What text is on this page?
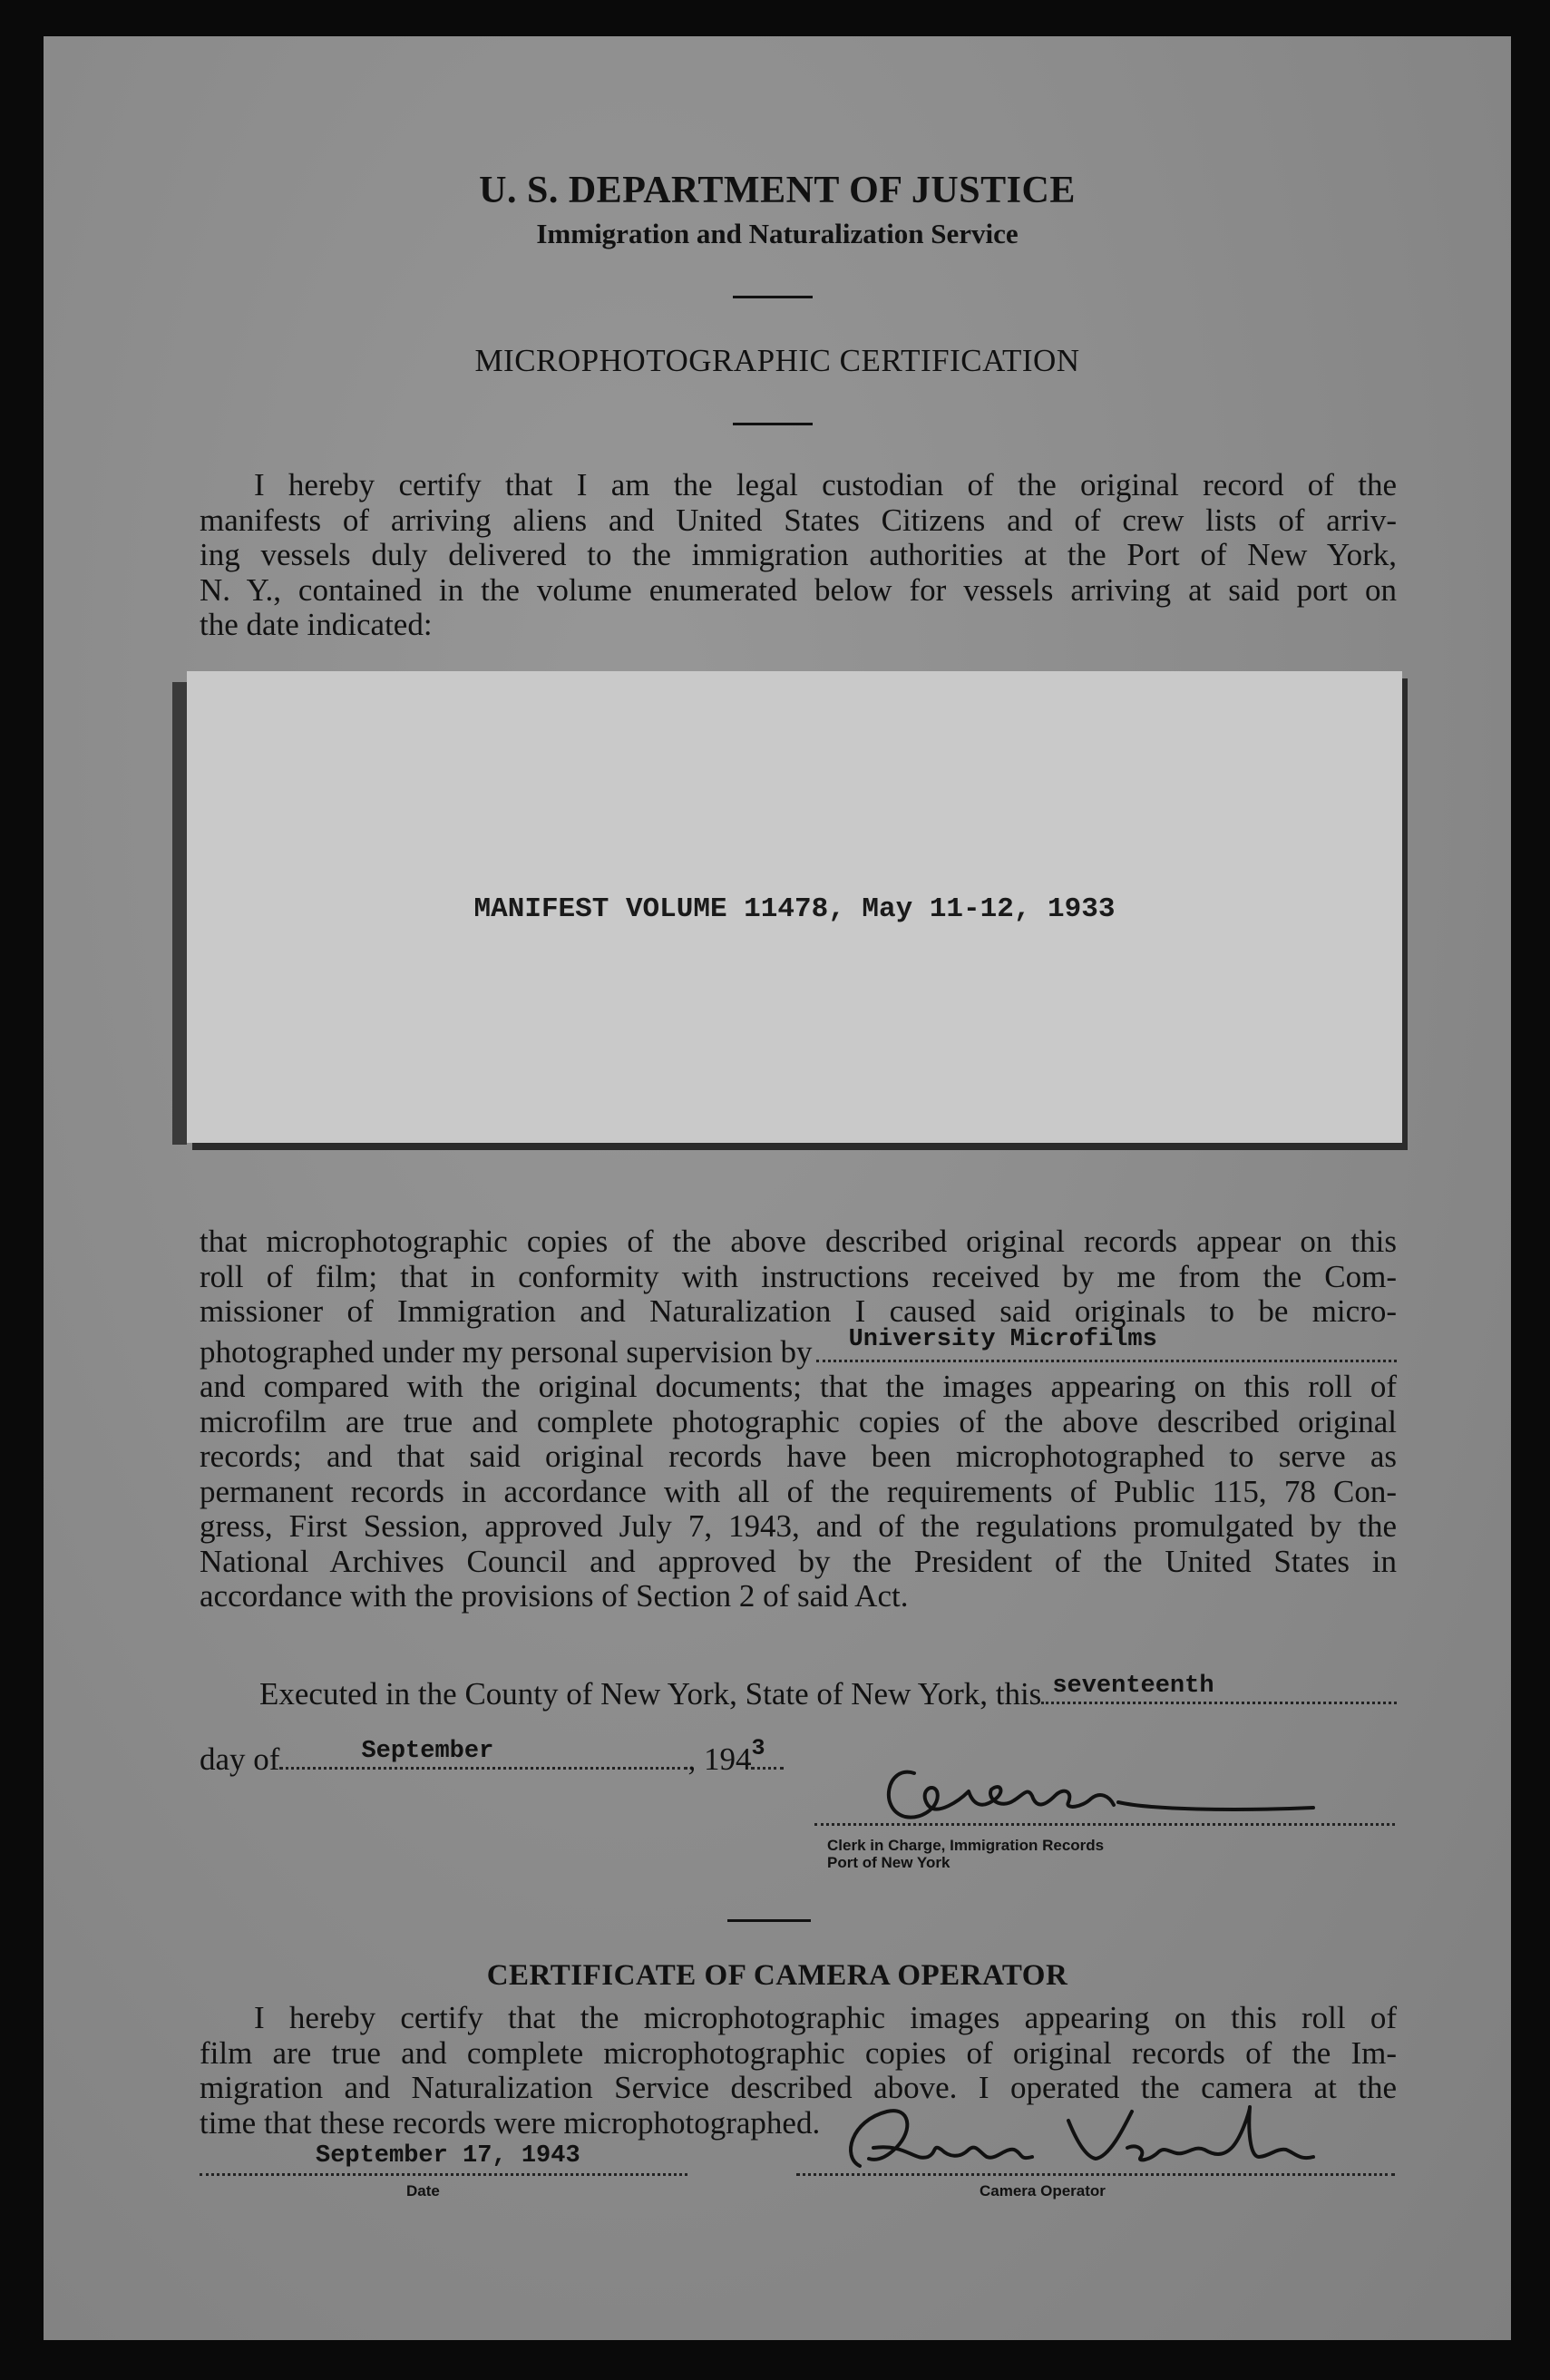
U. S. DEPARTMENT OF JUSTICE
Immigration and Naturalization Service
MICROPHOTOGRAPHIC CERTIFICATION
I hereby certify that I am the legal custodian of the original record of the
manifests of arriving aliens and United States Citizens and of crew lists of arriv-
ing vessels duly delivered to the immigration authorities at the Port of New York,
N. Y., contained in the volume enumerated below for vessels arriving at said port on
the date indicated:
MANIFEST VOLUME 11478, May 11-12, 1933
that microphotographic copies of the above described original records appear on this
roll of film; that in conformity with instructions received by me from the Com-
missioner of Immigration and Naturalization I caused said originals to be micro-
photographed under my personal supervision by University Microfilms
and compared with the original documents; that the images appearing on this roll of
microfilm are true and complete photographic copies of the above described original
records; and that said original records have been microphotographed to serve as
permanent records in accordance with all of the requirements of Public 115, 78 Con-
gress, First Session, approved July 7, 1943, and of the regulations promulgated by the
National Archives Council and approved by the President of the United States in
accordance with the provisions of Section 2 of said Act.
Executed in the County of New York, State of New York, this seventeenth
day of	September	, 194 3
Clerk in Charge, Immigration Records
Port of New York
CERTIFICATE OF CAMERA OPERATOR
I hereby certify that the microphotographic images appearing on this roll of
film are true and complete microphotographic copies of original records of the Im-
migration and Naturalization Service described above. I operated the camera at the
time that these records were microphotographed.
September 17, 1943
Date	Camera Operator
